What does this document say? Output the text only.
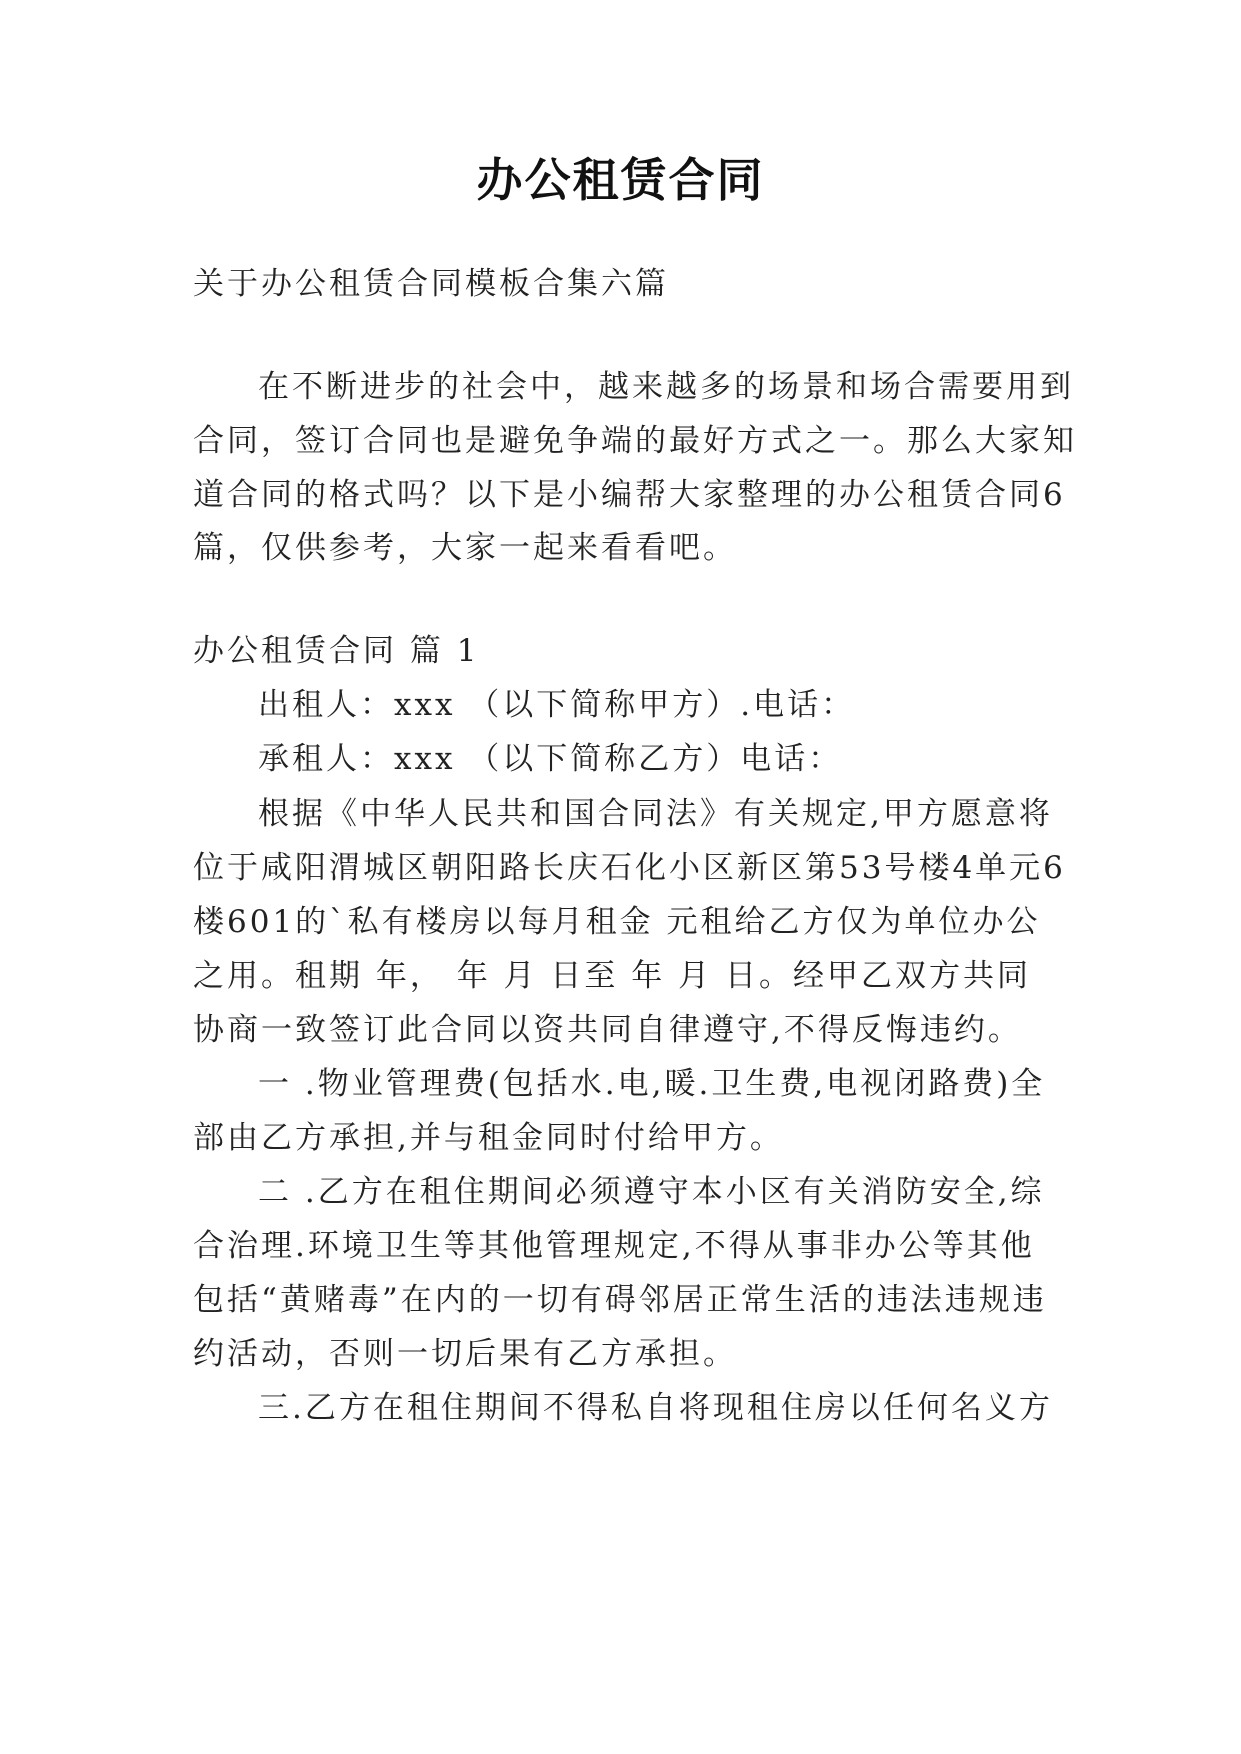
办公租赁合同
关于办公租赁合同模板合集六篇
在不断进步的社会中，越来越多的场景和场合需要用到
合同，签订合同也是避免争端的最好方式之一。那么大家知
道合同的格式吗？以下是小编帮大家整理的办公租赁合同6
篇，仅供参考，大家一起来看看吧。
办公租赁合同 篇 1
出租人：xxx （以下简称甲方）.电话：
承租人：xxx （以下简称乙方）电话：
根据《中华人民共和国合同法》有关规定,甲方愿意将
位于咸阳渭城区朝阳路长庆石化小区新区第53号楼4单元6
楼601的`私有楼房以每月租金 元租给乙方仅为单位办公
之用。租期 年， 年 月 日至 年 月 日。经甲乙双方共同
协商一致签订此合同以资共同自律遵守,不得反悔违约。
一 .物业管理费(包括水.电,暖.卫生费,电视闭路费)全
部由乙方承担,并与租金同时付给甲方。
二 .乙方在租住期间必须遵守本小区有关消防安全,综
合治理.环境卫生等其他管理规定,不得从事非办公等其他
包括“黄赌毒”在内的一切有碍邻居正常生活的违法违规违
约活动，否则一切后果有乙方承担。
三.乙方在租住期间不得私自将现租住房以任何名义方
